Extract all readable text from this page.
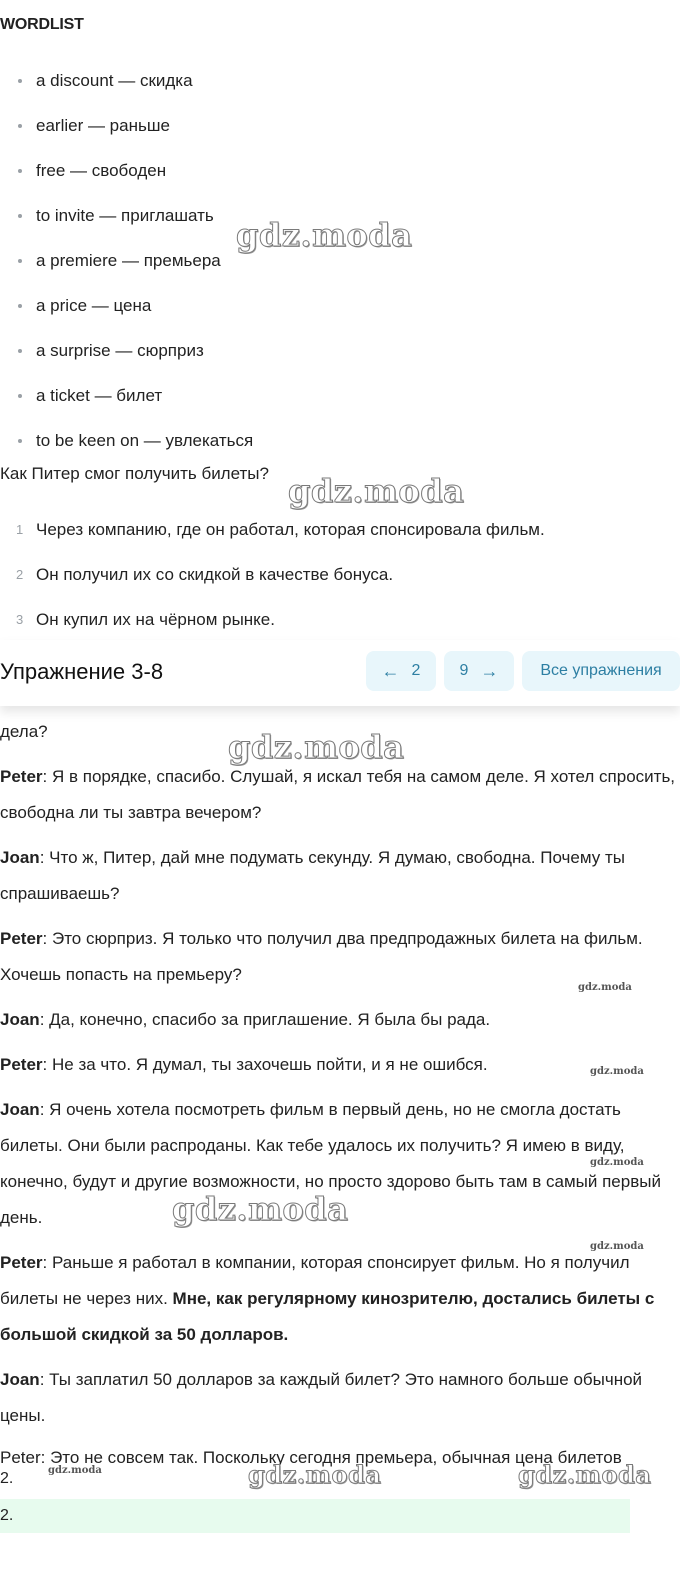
WORDLIST
a discount — скидка
earlier — раньше
free — свободен
to invite — приглашать
a premiere — премьера
a price — цена
a surprise — сюрприз
a ticket — билет
to be keen on — увлекаться
Как Питер смог получить билеты?
1 Через компанию, где он работал, которая спонсировала фильм.
2 Он получил их со скидкой в качестве бонуса.
3 Он купил их на чёрном рынке.
Упражнение 3-8	← 2 9 →	Все упражнения

дела?

Peter: Я в порядке, спасибо. Слушай, я искал тебя на самом деле. Я хотел спросить, свободна ли ты завтра вечером?

Joan: Что ж, Питер, дай мне подумать секунду. Я думаю, свободна. Почему ты спрашиваешь?

Peter: Это сюрприз. Я только что получил два предпродажных билета на фильм. Хочешь попасть на премьеру?

Joan: Да, конечно, спасибо за приглашение. Я была бы рада.

Peter: Не за что. Я думал, ты захочешь пойти, и я не ошибся.

Joan: Я очень хотела посмотреть фильм в первый день, но не смогла достать билеты. Они были распроданы. Как тебе удалось их получить? Я имею в виду, конечно, будут и другие возможности, но просто здорово быть там в самый первый день.

Peter: Раньше я работал в компании, которая спонсирует фильм. Но я получил билеты не через них. Мне, как регулярному кинозрителю, достались билеты с большой скидкой за 50 долларов.

Joan: Ты заплатил 50 долларов за каждый билет? Это намного больше обычной цены.

Peter: Это не совсем так. Поскольку сегодня премьера, обычная цена билетов
2.
2.
gdz.moda
gdz.moda
gdz.moda
gdz.moda
gdz.moda	gdz.moda
gdz.moda
gdz.moda
gdz.moda
gdz.moda
gdz.moda
